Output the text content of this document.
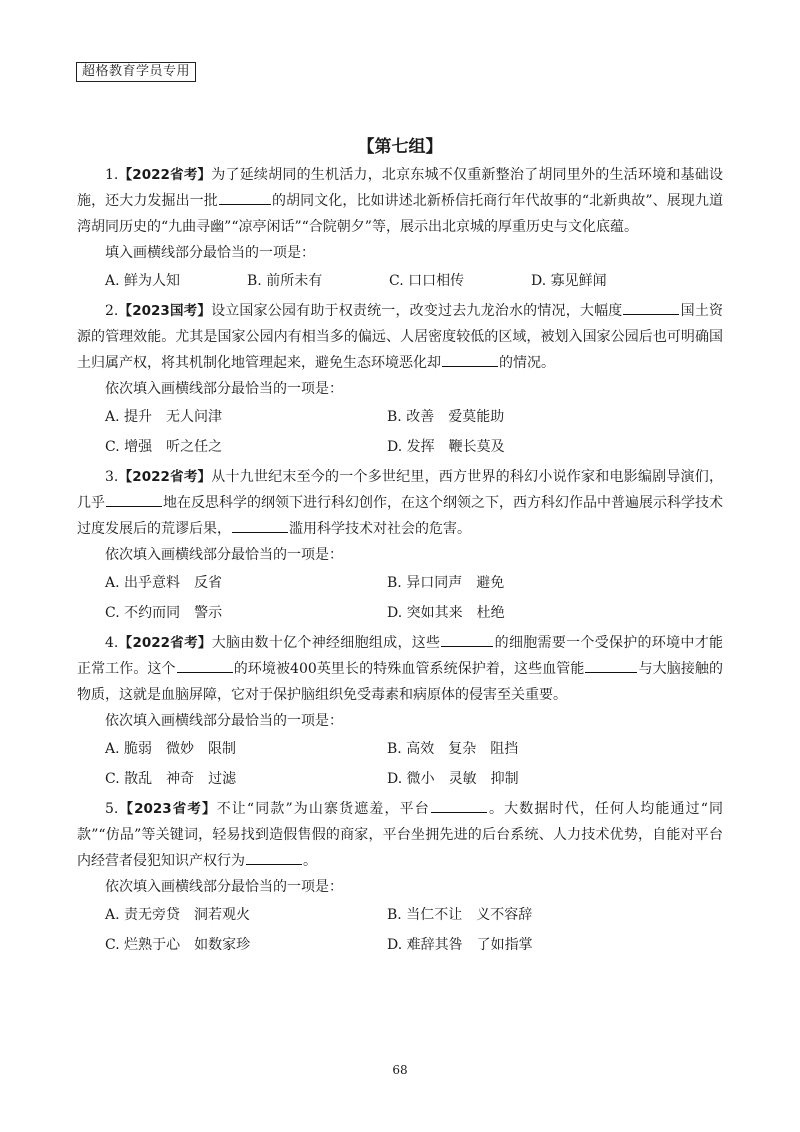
超格教育学员专用
【第七组】

1.【2022省考】为了延续胡同的生机活力，北京东城不仅重新整治了胡同里外的生活环境和基础设施，还大力发掘出一批	的胡同文化，比如讲述北新桥信托商行年代故事的“北新典故”、展现九道湾胡同历史的“九曲寻幽”“凉亭闲话”“合院朝夕”等，展示出北京城的厚重历史与文化底蕴。

填入画横线部分最恰当的一项是：

A. 鲜为人知	B. 前所未有	C. 口口相传	D. 寡见鲜闻

2.【2023国考】设立国家公园有助于权责统一，改变过去九龙治水的情况，大幅度	国土资源的管理效能。尤其是国家公园内有相当多的偏远、人居密度较低的区域，被划入国家公园后也可明确国土归属产权，将其机制化地管理起来，避免生态环境恶化却	的情况。

依次填入画横线部分最恰当的一项是：

A. 提升　无人问津	B. 改善　爱莫能助
C. 增强　听之任之	D. 发挥　鞭长莫及

3.【2022省考】从十九世纪末至今的一个多世纪里，西方世界的科幻小说作家和电影编剧导演们，几乎	地在反思科学的纲领下进行科幻创作，在这个纲领之下，西方科幻作品中普遍展示科学技术过度发展后的荒谬后果，	滥用科学技术对社会的危害。

依次填入画横线部分最恰当的一项是：

A. 出乎意料　反省	B. 异口同声　避免
C. 不约而同　警示	D. 突如其来　杜绝

4.【2022省考】大脑由数十亿个神经细胞组成，这些	的细胞需要一个受保护的环境中才能正常工作。这个	的环境被400英里长的特殊血管系统保护着，这些血管能	与大脑接触的物质，这就是血脑屏障，它对于保护脑组织免受毒素和病原体的侵害至关重要。

依次填入画横线部分最恰当的一项是：

A. 脆弱　微妙　限制	B. 高效　复杂　阻挡
C. 散乱　神奇　过滤	D. 微小　灵敏　抑制

5.【2023省考】不让“同款”为山寨货遮羞，平台	。大数据时代，任何人均能通过“同款”“仿品”等关键词，轻易找到造假售假的商家，平台坐拥先进的后台系统、人力技术优势，自能对平台内经营者侵犯知识产权行为	。

依次填入画横线部分最恰当的一项是：

A. 责无旁贷　洞若观火	B. 当仁不让　义不容辞
C. 烂熟于心　如数家珍	D. 难辞其咎　了如指掌
68
